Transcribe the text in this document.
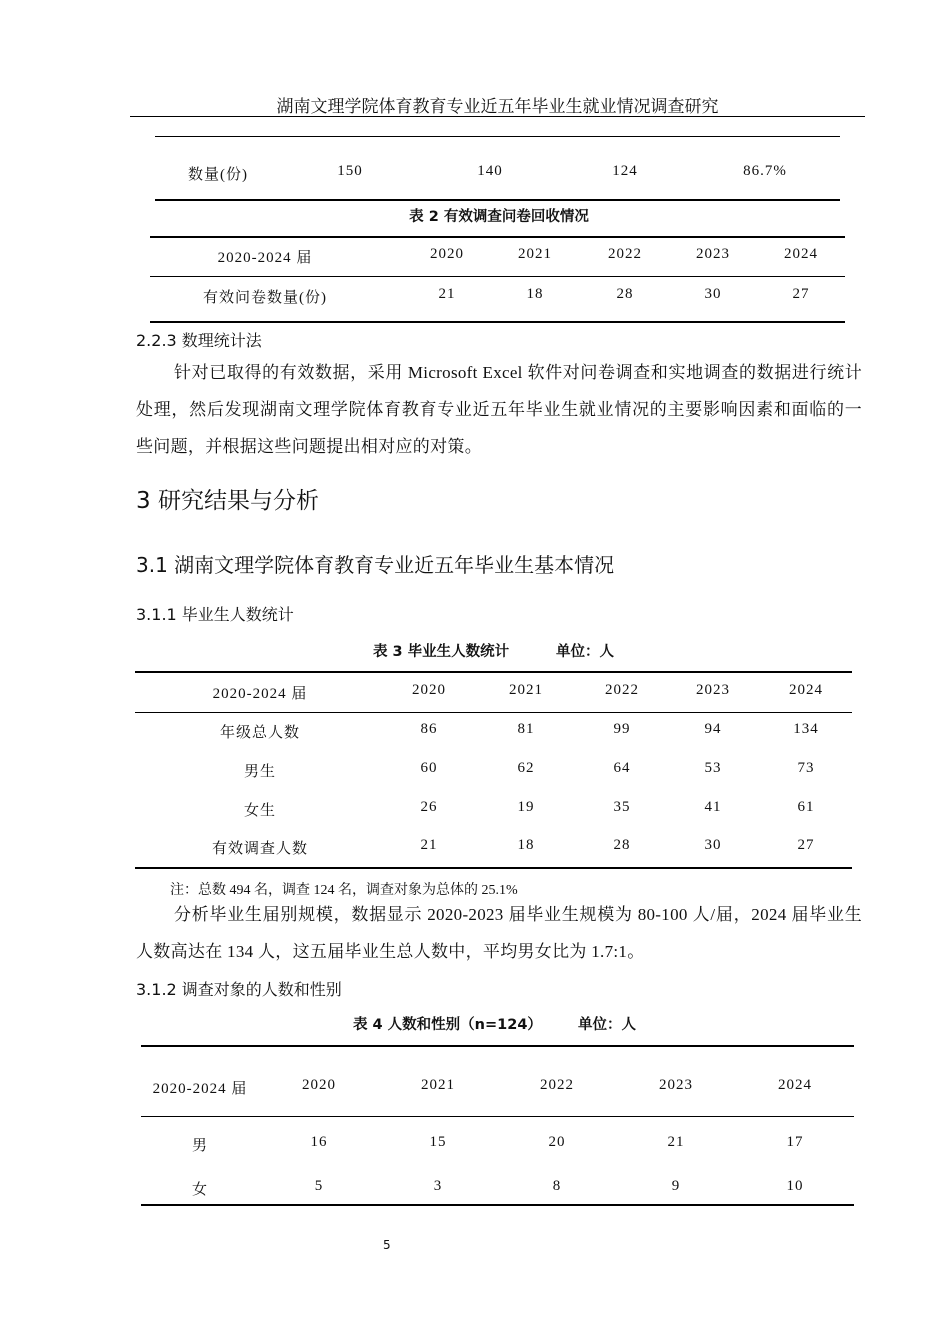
湖南文理学院体育教育专业近五年毕业生就业情况调查研究
数量(份)	150	140	124	86.7%
表 2 有效调查问卷回收情况
2020-2024 届	2020	2021	2022	2023	2024
有效问卷数量(份)	21	18	28	30	27
2.2.3 数理统计法
针对已取得的有效数据，采用 Microsoft Excel 软件对问卷调查和实地调查的数据进行统计处理，然后发现湖南文理学院体育教育专业近五年毕业生就业情况的主要影响因素和面临的一些问题，并根据这些问题提出相对应的对策。
3 研究结果与分析
3.1 湖南文理学院体育教育专业近五年毕业生基本情况
3.1.1 毕业生人数统计
表 3 毕业生人数统计	单位：人
2020-2024 届	2020	2021	2022	2023	2024
年级总人数	86	81	99	94	134
男生	60	62	64	53	73
女生	26	19	35	41	61
有效调查人数	21	18	28	30	27
注：总数 494 名，调查 124 名，调查对象为总体的 25.1%
分析毕业生届别规模，数据显示 2020-2023 届毕业生规模为 80-100 人/届，2024 届毕业生人数高达在 134 人，这五届毕业生总人数中，平均男女比为 1.7:1。
3.1.2 调查对象的人数和性别
表 4 人数和性别（n=124） 单位：人
2020-2024 届	2020	2021	2022	2023	2024
男	16	15	20	21	17
女	5	3	8	9	10
5
